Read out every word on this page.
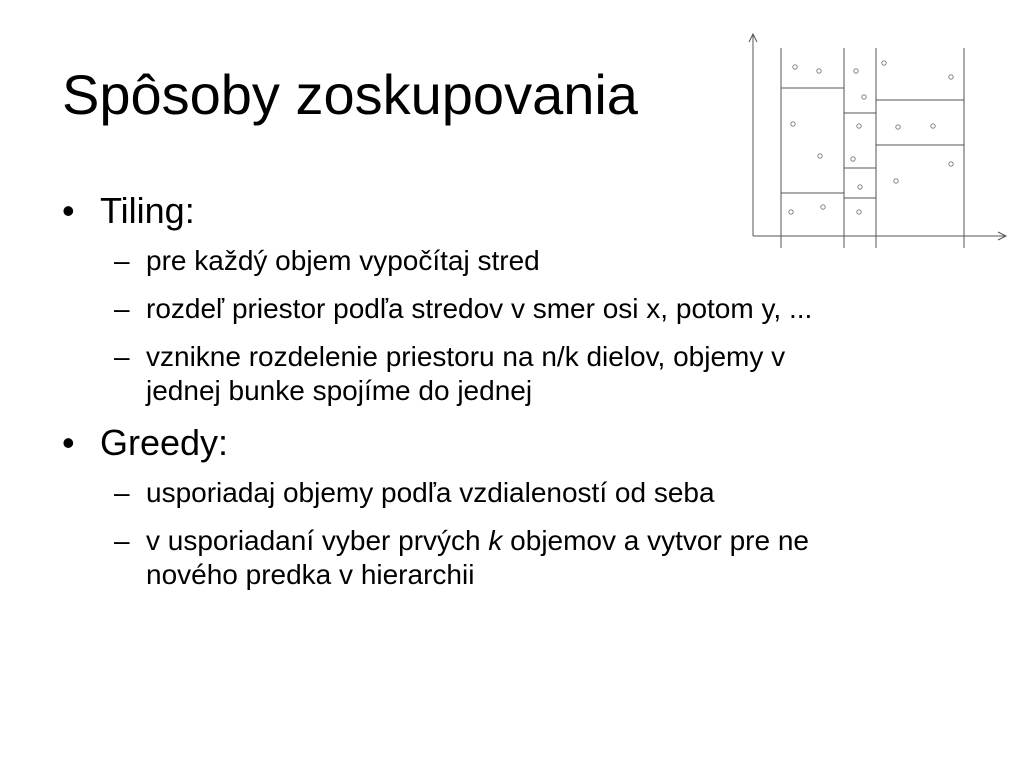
Spôsoby zoskupovania
• Tiling:
– pre každý objem vypočítaj stred
– rozdeľ priestor podľa stredov v smer osi x, potom y, ...
– vznikne rozdelenie priestoru na n/k dielov, objemy v
jednej bunke spojíme do jednej
• Greedy:
– usporiadaj objemy podľa vzdialeností od seba
– v usporiadaní vyber prvých k objemov a vytvor pre ne
nového predka v hierarchii
